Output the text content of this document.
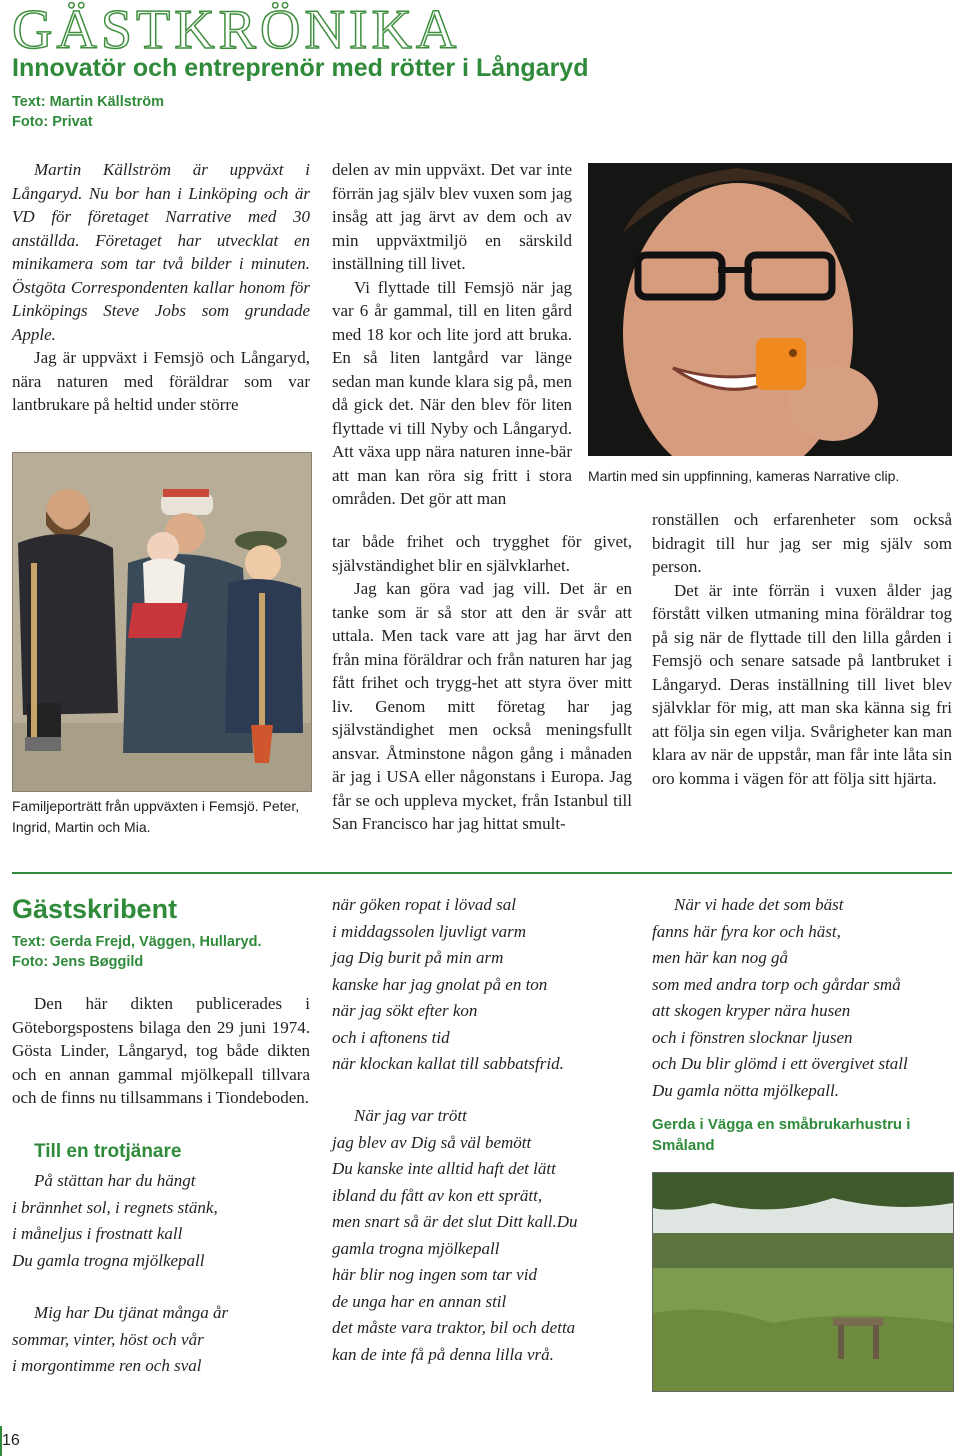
GÄSTKRÖNIKA
Innovatör och entreprenör med rötter i Långaryd
Text: Martin Källström
Foto: Privat

Martin Källström är uppväxt i Långaryd. Nu bor han i Linköping och är VD för företaget Narrative med 30 anställda. Företaget har utvecklat en minikamera som tar två bilder i minuten. Östgöta Correspondenten kallar honom för Linköpings Steve Jobs som grundade Apple.

Jag är uppväxt i Femsjö och Långaryd, nära naturen med föräldrar som var lantbrukare på heltid under större

Familjeporträtt från uppväxten i Femsjö. Peter, Ingrid, Martin och Mia.

delen av min uppväxt. Det var inte förrän jag själv blev vuxen som jag insåg att jag ärvt av dem och av min uppväxtmiljö en särskild inställning till livet.

Vi flyttade till Femsjö när jag var 6 år gammal, till en liten gård med 18 kor och lite jord att bruka. En så liten lantgård var länge sedan man kunde klara sig på, men då gick det. När den blev för liten flyttade vi till Nyby och Långaryd. Att växa upp nära naturen inne-bär att man kan röra sig fritt i stora områden. Det gör att man

tar både frihet och trygghet för givet, självständighet blir en självklarhet.

Jag kan göra vad jag vill. Det är en tanke som är så stor att den är svår att uttala. Men tack vare att jag har ärvt den från mina föräldrar och från naturen har jag fått frihet och trygg-het att styra över mitt liv. Genom mitt företag har jag självständighet men också meningsfullt ansvar. Åtminstone någon gång i månaden är jag i USA eller någonstans i Europa. Jag får se och uppleva mycket, från Istanbul till San Francisco har jag hittat smult-

Martin med sin uppfinning, kameras Narrative clip.

ronställen och erfarenheter som också bidragit till hur jag ser mig själv som person.

Det är inte förrän i vuxen ålder jag förstått vilken utmaning mina föräldrar tog på sig när de flyttade till den lilla gården i Femsjö och senare satsade på lantbruket i Långaryd. Deras inställning till livet blev självklar för mig, att man ska känna sig fri att följa sin egen vilja. Svårigheter kan man klara av när de uppstår, man får inte låta sin oro komma i vägen för att följa sitt hjärta.

Gästskribent
Text: Gerda Frejd, Väggen, Hullaryd.
Foto: Jens Bøggild

Den här dikten publicerades i Göteborgspostens bilaga den 29 juni 1974. Gösta Linder, Långaryd, tog både dikten och en annan gammal mjölkepall tillvara och de finns nu tillsammans i Tiondeboden.

Till en trotjänare
På stättan har du hängt
i brännhet sol, i regnets stänk,
i måneljus i frostnatt kall
Du gamla trogna mjölkepall
Mig har Du tjänat många år
sommar, vinter, höst och vår
i morgontimme ren och sval
när göken ropat i lövad sal
i middagssolen ljuvligt varm
jag Dig burit på min arm
kanske har jag gnolat på en ton
när jag sökt efter kon
och i aftonens tid
när klockan kallat till sabbatsfrid.
När jag var trött
jag blev av Dig så väl bemött
Du kanske inte alltid haft det lätt
ibland du fått av kon ett sprätt,
men snart så är det slut Ditt kall.Du
gamla trogna mjölkepall
här blir nog ingen som tar vid
de unga har en annan stil
det måste vara traktor, bil och detta
kan de inte få på denna lilla vrå.
När vi hade det som bäst
fanns här fyra kor och häst,
men här kan nog gå
som med andra torp och gårdar små
att skogen kryper nära husen
och i fönstren slocknar ljusen
och Du blir glömd i ett övergivet stall
Du gamla nötta mjölkepall.
Gerda i Vägga en småbrukarhustru i Småland
16
